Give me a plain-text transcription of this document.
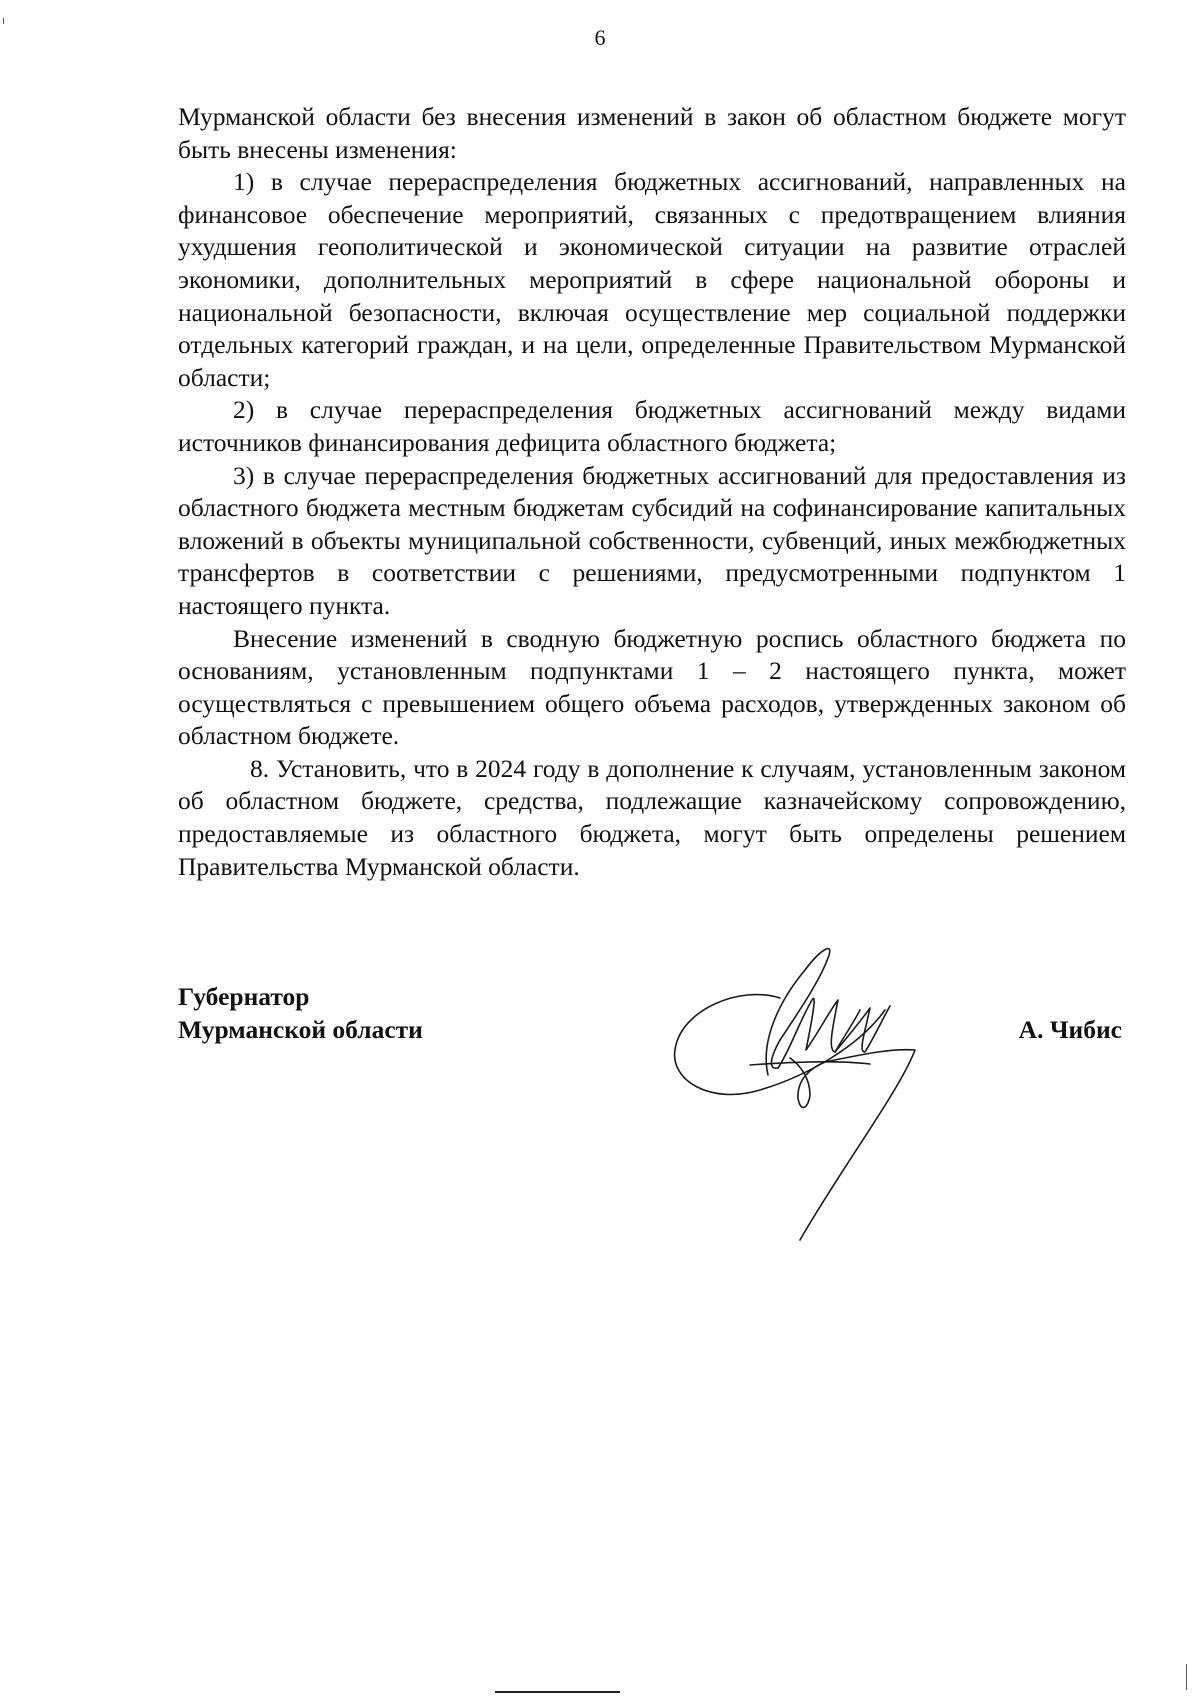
6

Мурманской области без внесения изменений в закон об областном бюджете могут быть внесены изменения:

1) в случае перераспределения бюджетных ассигнований, направленных на финансовое обеспечение мероприятий, связанных с предотвращением влияния ухудшения геополитической и экономической ситуации на развитие отраслей экономики, дополнительных мероприятий в сфере национальной обороны и национальной безопасности, включая осуществление мер социальной поддержки отдельных категорий граждан, и на цели, определенные Правительством Мурманской области;

2) в случае перераспределения бюджетных ассигнований между видами источников финансирования дефицита областного бюджета;

3) в случае перераспределения бюджетных ассигнований для предоставления из областного бюджета местным бюджетам субсидий на софинансирование капитальных вложений в объекты муниципальной собственности, субвенций, иных межбюджетных трансфертов в соответствии с решениями, предусмотренными подпунктом 1 настоящего пункта.

Внесение изменений в сводную бюджетную роспись областного бюджета по основаниям, установленным подпунктами 1 – 2 настоящего пункта, может осуществляться с превышением общего объема расходов, утвержденных законом об областном бюджете.

8. Установить, что в 2024 году в дополнение к случаям, установленным законом об областном бюджете, средства, подлежащие казначейскому сопровождению, предоставляемые из областного бюджета, могут быть определены решением Правительства Мурманской области.

Губернатор
Мурманской области	А. Чибис
